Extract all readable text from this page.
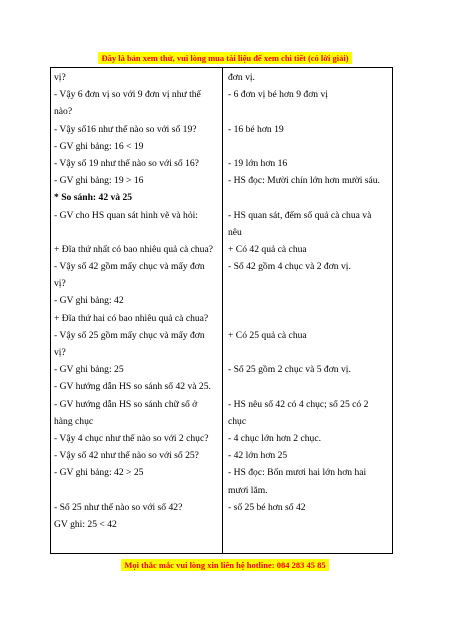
Đây là bản xem thử, vui lòng mua tài liệu để xem chi tiết (có lời giải)
vị?
- Vậy 6 đơn vị so với 9 đơn vị như thế
nào?
- Vậy số16 như thế nào so với số 19?
- GV ghi bảng: 16 < 19
- Vậy số 19 như thế nào so với số 16?
- GV ghi bảng: 19 > 16
* So sánh: 42 và 25
- GV cho HS quan sát hình vẽ và hỏi:
+ Đĩa thứ nhất có bao nhiêu quả cà chua?
- Vậy số 42 gồm mấy chục và mấy đơn
vị?
- GV ghi bảng: 42
+ Đĩa thứ hai có bao nhiêu quả cà chua?
- Vậy số 25 gồm mấy chục và mấy đơn
vị?
- GV ghi bảng: 25
- GV hướng dẫn HS so sánh số 42 và 25.
- GV hướng dẫn HS so sánh chữ số ở
hàng chục
- Vậy 4 chục như thế nào so với 2 chục?
- Vậy số 42 như thế nào so với số 25?
- GV ghi bảng: 42 > 25
- Số 25 như thế nào so với số 42?
GV ghi: 25 < 42
đơn vị.
- 6 đơn vị bé hơn 9 đơn vị
- 16 bé hơn 19
- 19 lớn hơn 16
- HS đọc: Mười chín lớn hơn mười sáu.
- HS quan sát, đếm số quả cà chua và
nêu
+ Có 42 quả cà chua
- Số 42 gồm 4 chục và 2 đơn vị.
+ Có 25 quả cà chua
- Số 25 gồm 2 chục và 5 đơn vị.
- HS nêu số 42 có 4 chục; số 25 có 2
chục
- 4 chục lớn hơn 2 chục.
- 42 lớn hơn 25
- HS đọc: Bốn mươi hai lớn hơn hai
mươi lăm.
- số 25 bé hơn số 42
Mọi thắc mắc vui lòng xin liên hệ hotline: 084 283 45 85
